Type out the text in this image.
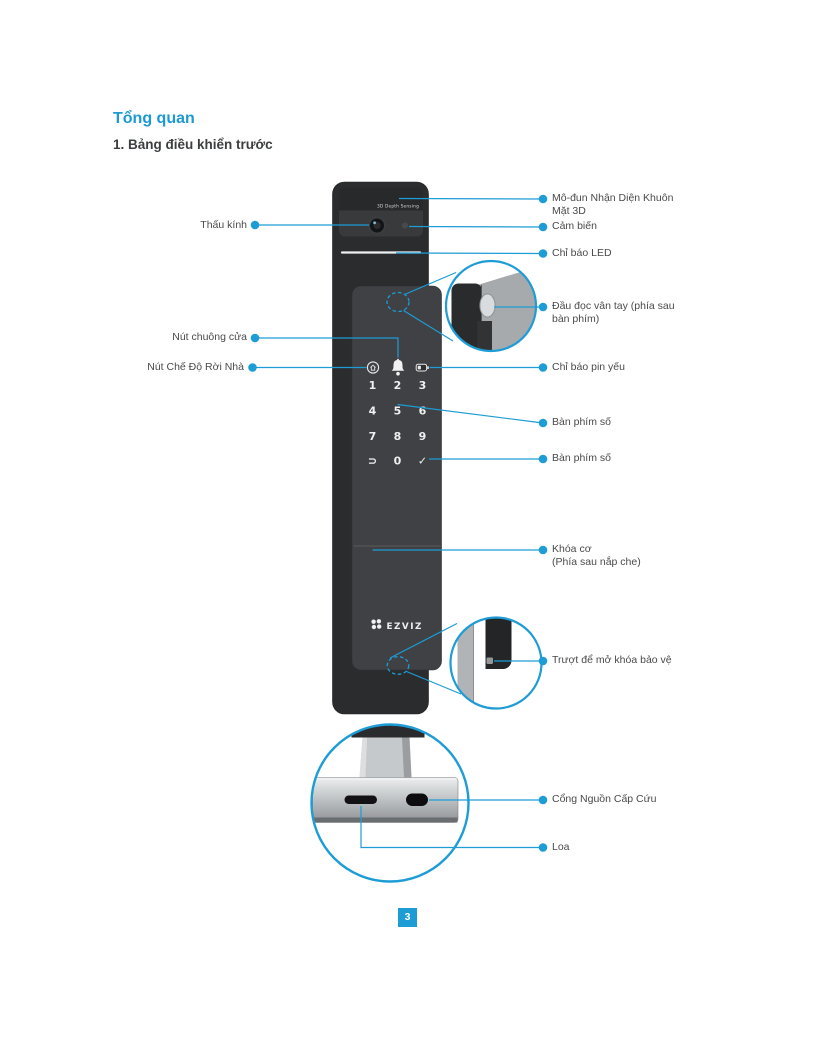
Tổng quan
1. Bảng điều khiển trước
3D Depth Sensing
1 2 3
4 5 6
7 8 9
⊃ 0 ✓
EZVIZ
Thấu kính
Nút chuông cửa
Nút Chế Độ Rời Nhà
Mô-đun Nhận Diện Khuôn
Mặt 3D
Cảm biến
Chỉ báo LED
Đầu đọc vân tay (phía sau
bàn phím)
Chỉ báo pin yếu
Bàn phím số
Bàn phím số
Khóa cơ
(Phía sau nắp che)
Trượt để mở khóa bảo vệ
Cổng Nguồn Cấp Cứu
Loa
3
